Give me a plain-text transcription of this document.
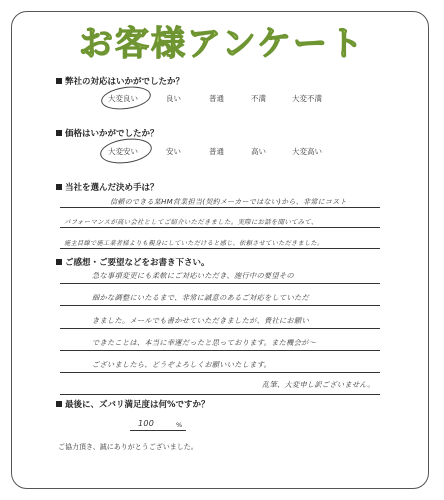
お客様アンケート
弊社の対応はいかがでしたか？
大変良い	良い	普通	不満	大変不満
価格はいかがでしたか？
大変安い	安い	普通	高い	大変高い
当社を選んだ決め手は？
信頼のできる某HM営業担当(契約メーカーではない)から、非常にコスト
パフォーマンスが高い会社としてご紹介いただきました。実際にお話を聞いてみて、
施主目線で施工業者様よりも親身にしていただけると感じ、依頼させていただきました。
ご感想・ご要望などをお書き下さい。
急な事項変更にも柔軟にご対応いただき、施行中の要望その
細かな調整にいたるまで、非常に誠意のあるご対応をしていただ
きました。メールでも書かせていただきましたが、貴社にお願い
できたことは、本当に幸運だったと思っております。また機会が〜
ございましたら、どうぞよろしくお願いいたします。
乱筆、大変申し訳ございません。
最後に、ズバリ満足度は何%ですか？
100	%
ご協力頂き、誠にありがとうございました。
